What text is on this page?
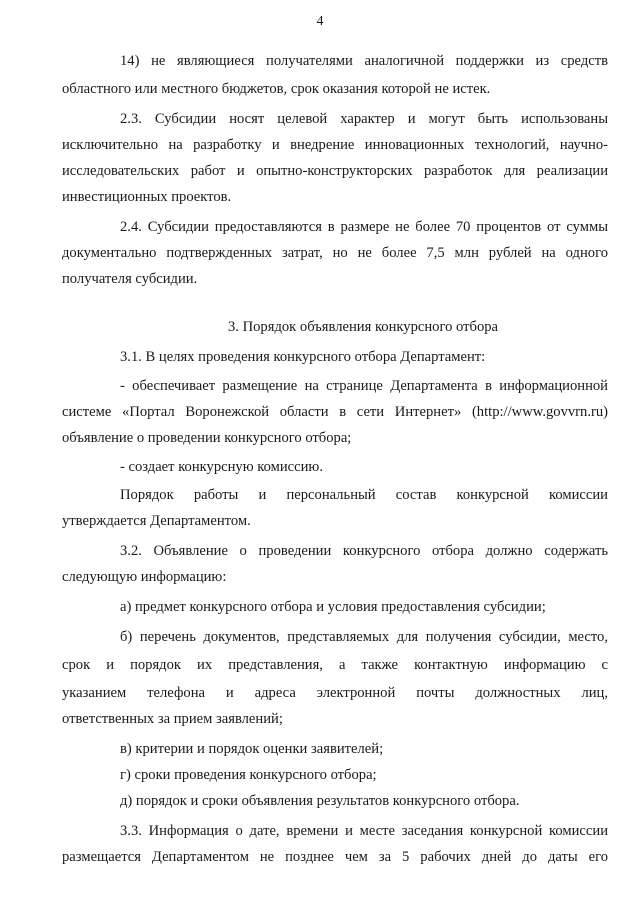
4
14) не являющиеся получателями аналогичной поддержки из средств
областного или местного бюджетов, срок оказания которой не истек.
2.3. Субсидии носят целевой характер и могут быть использованы
исключительно на разработку и внедрение инновационных технологий, научно-
исследовательских работ и опытно-конструкторских разработок для реализации
инвестиционных проектов.
2.4. Субсидии предоставляются в размере не более 70 процентов от суммы
документально подтвержденных затрат, но не более 7,5 млн рублей на одного
получателя субсидии.
3. Порядок объявления конкурсного отбора
3.1. В целях проведения конкурсного отбора Департамент:
- обеспечивает размещение на странице Департамента в информационной
системе «Портал Воронежской области в сети Интернет» (http://www.govvrn.ru)
объявление о проведении конкурсного отбора;
- создает конкурсную комиссию.
Порядок работы и персональный состав конкурсной комиссии
утверждается Департаментом.
3.2. Объявление о проведении конкурсного отбора должно содержать
следующую информацию:
а) предмет конкурсного отбора и условия предоставления субсидии;
б) перечень документов, представляемых для получения субсидии, место,
срок и порядок их представления, а также контактную информацию с
указанием телефона и адреса электронной почты должностных лиц,
ответственных за прием заявлений;
в) критерии и порядок оценки заявителей;
г) сроки проведения конкурсного отбора;
д) порядок и сроки объявления результатов конкурсного отбора.
3.3. Информация о дате, времени и месте заседания конкурсной комиссии
размещается Департаментом не позднее чем за 5 рабочих дней до даты его
